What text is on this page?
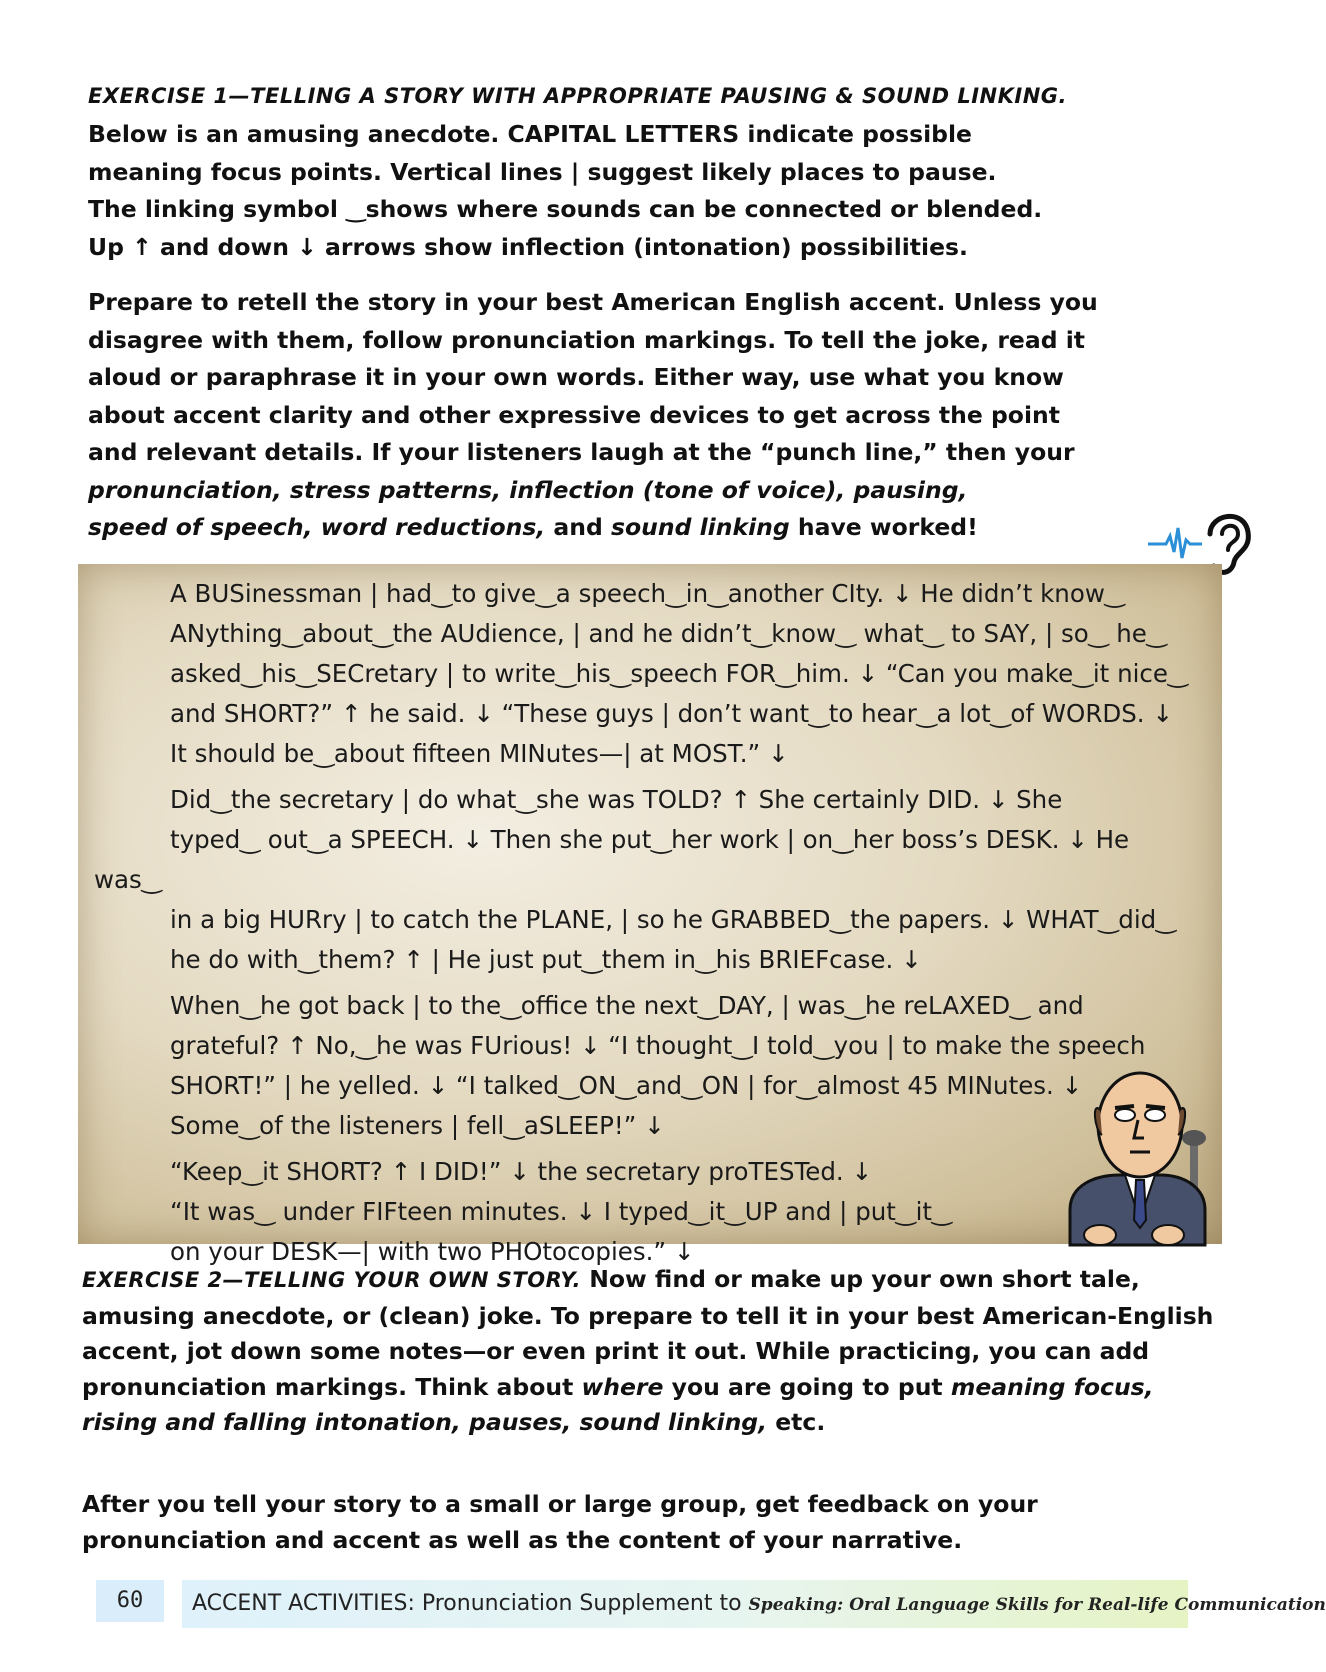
EXERCISE 1—TELLING A STORY WITH APPROPRIATE PAUSING & SOUND LINKING.
Below is an amusing anecdote. CAPITAL LETTERS indicate possible
meaning focus points. Vertical lines | suggest likely places to pause.
The linking symbol ‿shows where sounds can be connected or blended.
Up ↑ and down ↓ arrows show inflection (intonation) possibilities.
Prepare to retell the story in your best American English accent. Unless you
disagree with them, follow pronunciation markings. To tell the joke, read it
aloud or paraphrase it in your own words. Either way, use what you know
about accent clarity and other expressive devices to get across the point
and relevant details. If your listeners laugh at the “punch line,” then your
pronunciation, stress patterns, inflection (tone of voice), pausing,
speed of speech, word reductions, and sound linking have worked!

A BUSinessman | had‿to give‿a speech‿in‿another CIty. ↓ He didn’t know‿
ANything‿about‿the AUdience, | and he didn’t‿know‿ what‿ to SAY, | so‿ he‿
asked‿his‿SECretary | to write‿his‿speech FOR‿him. ↓ “Can you make‿it nice‿
and SHORT?” ↑ he said. ↓ “These guys | don’t want‿to hear‿a lot‿of WORDS. ↓
It should be‿about fifteen MINutes—| at MOST.” ↓

Did‿the secretary | do what‿she was TOLD? ↑ She certainly DID. ↓ She
typed‿ out‿a SPEECH. ↓ Then she put‿her work | on‿her boss’s DESK. ↓ He was‿
in a big HURry | to catch the PLANE, | so he GRABBED‿the papers. ↓ WHAT‿did‿
he do with‿them? ↑ | He just put‿them in‿his BRIEFcase. ↓

When‿he got back | to the‿office the next‿DAY, | was‿he reLAXED‿ and
grateful? ↑ No,‿he was FUrious! ↓ “I thought‿I told‿you | to make the speech
SHORT!” | he yelled. ↓ “I talked‿ON‿and‿ON | for‿almost 45 MINutes. ↓
Some‿of the listeners | fell‿aSLEEP!” ↓

“Keep‿it SHORT? ↑ I DID!” ↓ the secretary proTESTed. ↓
“It was‿ under FIFteen minutes. ↓ I typed‿it‿UP and | put‿it‿
on your DESK—| with two PHOtocopies.” ↓

EXERCISE 2—TELLING YOUR OWN STORY. Now find or make up your own short tale, amusing anecdote, or (clean) joke. To prepare to tell it in your best American-English accent, jot down some notes—or even print it out. While practicing, you can add pronunciation markings. Think about where you are going to put meaning focus, rising and falling intonation, pauses, sound linking, etc.
After you tell your story to a small or large group, get feedback on your pronunciation and accent as well as the content of your narrative.
60	ACCENT ACTIVITIES: Pronunciation Supplement to Speaking: Oral Language Skills for Real-life Communication
